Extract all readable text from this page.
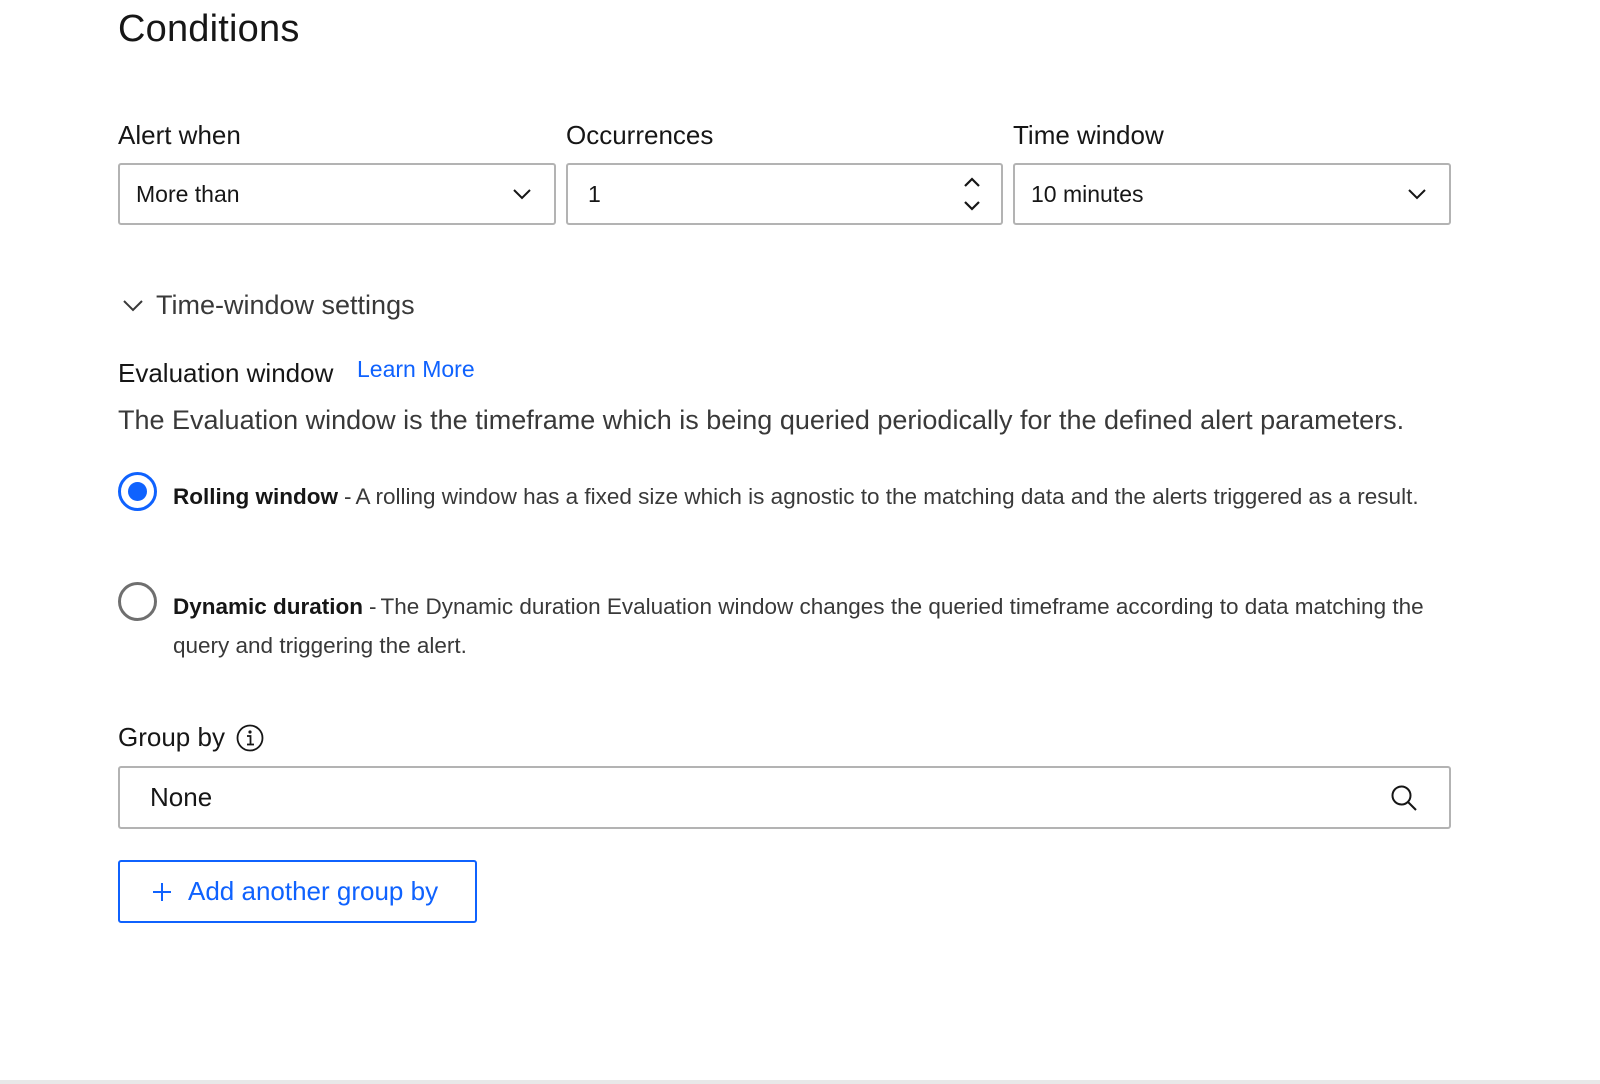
Conditions
Alert when
More than
Occurrences
1
Time window
10 minutes
Time-window settings
Evaluation window Learn More

The Evaluation window is the timeframe which is being queried periodically for the defined alert parameters.

Rolling window - A rolling window has a fixed size which is agnostic to the matching data and the alerts triggered as a result.
Dynamic duration - The Dynamic duration Evaluation window changes the queried timeframe according to data matching the query and triggering the alert.
Group by
None
Add another group by
